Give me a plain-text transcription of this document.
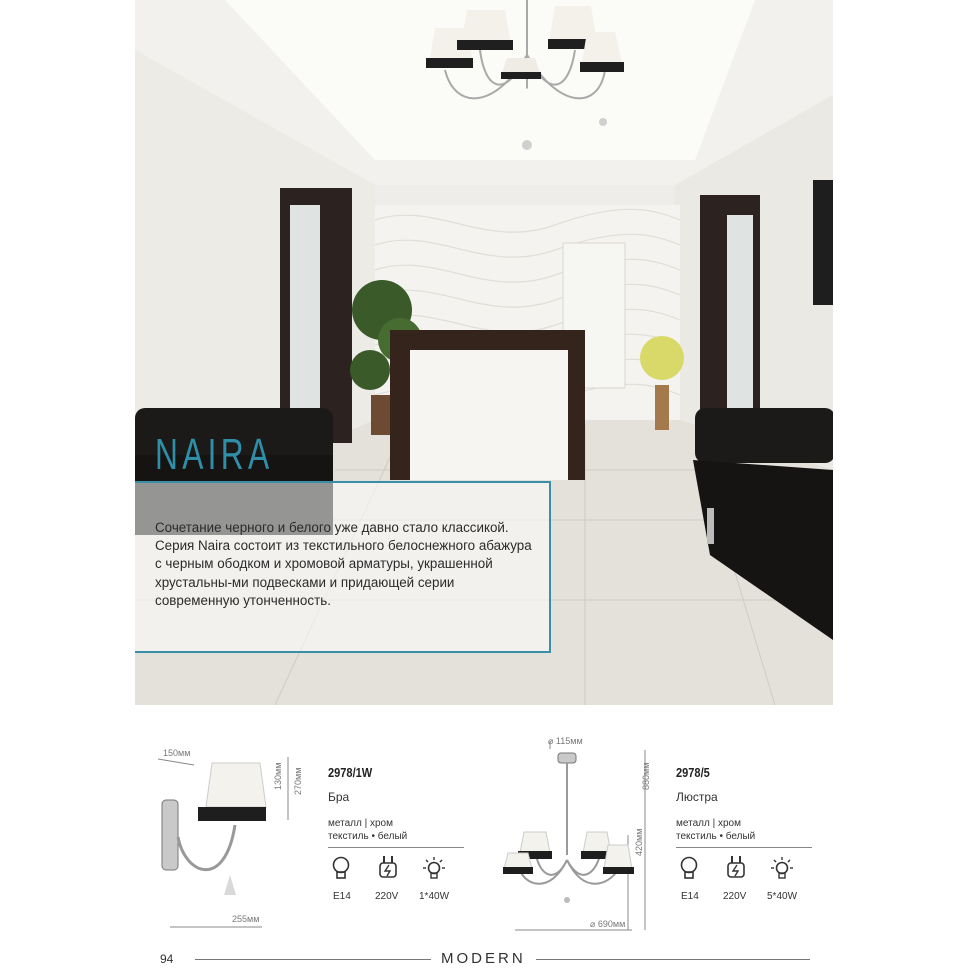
NAIRA

Сочетание черного и белого уже давно стало классикой. Серия Naira состоит из текстильного белоснежного абажура с черным ободком и хромовой арматуры, украшенной хрустальны-ми подвесками и придающей серии современную утонченность.

150мм
130мм 270мм
255мм
2978/1W
Бра
металл | хром
текстиль • белый
E14 220V 1*40W
⌀ 115мм
880мм
420мм
⌀ 690мм
2978/5
Люстра
металл | хром
текстиль • белый
E14 220V 5*40W
94	MODERN
